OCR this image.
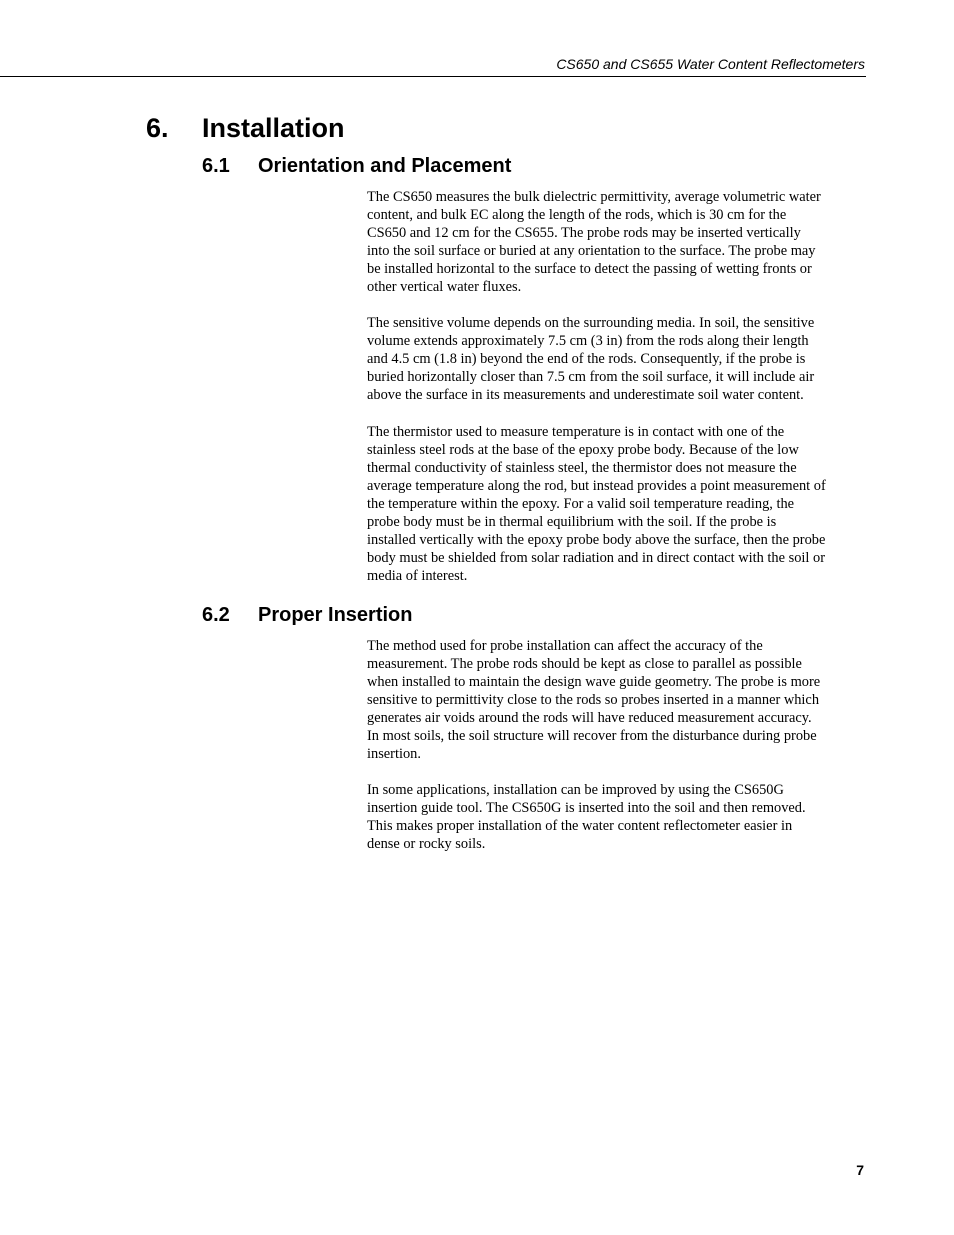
CS650 and CS655 Water Content Reflectometers
6. Installation
6.1 Orientation and Placement
The CS650 measures the bulk dielectric permittivity, average volumetric water
content, and bulk EC along the length of the rods, which is 30 cm for the
CS650 and 12 cm for the CS655. The probe rods may be inserted vertically
into the soil surface or buried at any orientation to the surface. The probe may
be installed horizontal to the surface to detect the passing of wetting fronts or
other vertical water fluxes.
The sensitive volume depends on the surrounding media. In soil, the sensitive
volume extends approximately 7.5 cm (3 in) from the rods along their length
and 4.5 cm (1.8 in) beyond the end of the rods. Consequently, if the probe is
buried horizontally closer than 7.5 cm from the soil surface, it will include air
above the surface in its measurements and underestimate soil water content.
The thermistor used to measure temperature is in contact with one of the
stainless steel rods at the base of the epoxy probe body. Because of the low
thermal conductivity of stainless steel, the thermistor does not measure the
average temperature along the rod, but instead provides a point measurement of
the temperature within the epoxy. For a valid soil temperature reading, the
probe body must be in thermal equilibrium with the soil. If the probe is
installed vertically with the epoxy probe body above the surface, then the probe
body must be shielded from solar radiation and in direct contact with the soil or
media of interest.
6.2 Proper Insertion
The method used for probe installation can affect the accuracy of the
measurement. The probe rods should be kept as close to parallel as possible
when installed to maintain the design wave guide geometry. The probe is more
sensitive to permittivity close to the rods so probes inserted in a manner which
generates air voids around the rods will have reduced measurement accuracy.
In most soils, the soil structure will recover from the disturbance during probe
insertion.
In some applications, installation can be improved by using the CS650G
insertion guide tool. The CS650G is inserted into the soil and then removed.
This makes proper installation of the water content reflectometer easier in
dense or rocky soils.
7
